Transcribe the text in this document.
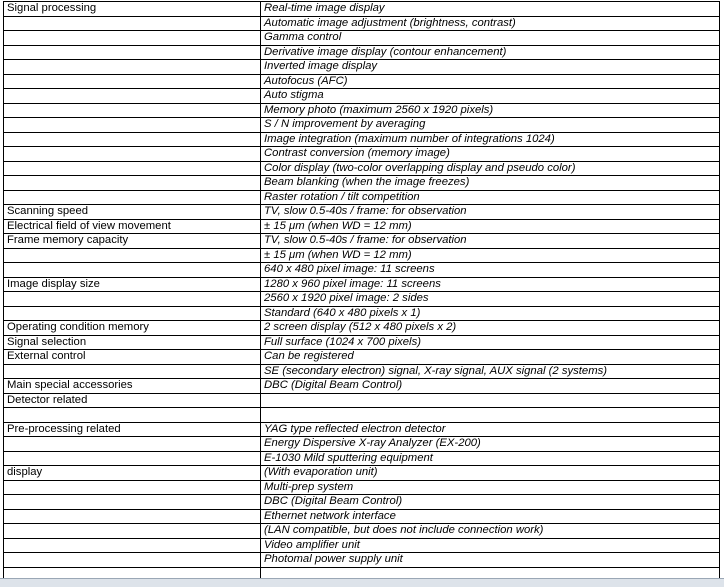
Signal processing	Real-time image display
	Automatic image adjustment (brightness, contrast)
	Gamma control
	Derivative image display (contour enhancement)
	Inverted image display
	Autofocus (AFC)
	Auto stigma
	Memory photo (maximum 2560 x 1920 pixels)
	S / N improvement by averaging
	Image integration (maximum number of integrations 1024)
	Contrast conversion (memory image)
	Color display (two-color overlapping display and pseudo color)
	Beam blanking (when the image freezes)
	Raster rotation / tilt competition
Scanning speed	TV, slow 0.5-40s / frame: for observation
Electrical field of view movement	± 15 μm (when WD = 12 mm)
Frame memory capacity	TV, slow 0.5-40s / frame: for observation
	± 15 μm (when WD = 12 mm)
	640 x 480 pixel image: 11 screens
Image display size	1280 x 960 pixel image: 11 screens
	2560 x 1920 pixel image: 2 sides
	Standard (640 x 480 pixels x 1)
Operating condition memory	2 screen display (512 x 480 pixels x 2)
Signal selection	Full surface (1024 x 700 pixels)
External control	Can be registered
	SE (secondary electron) signal, X-ray signal, AUX signal (2 systems)
Main special accessories	DBC (Digital Beam Control)
Detector related	

Pre-processing related	YAG type reflected electron detector
	Energy Dispersive X-ray Analyzer (EX-200)
	E-1030 Mild sputtering equipment
display	(With evaporation unit)
	Multi-prep system
	DBC (Digital Beam Control)
	Ethernet network interface
	(LAN compatible, but does not include connection work)
	Video amplifier unit
	Photomal power supply unit
